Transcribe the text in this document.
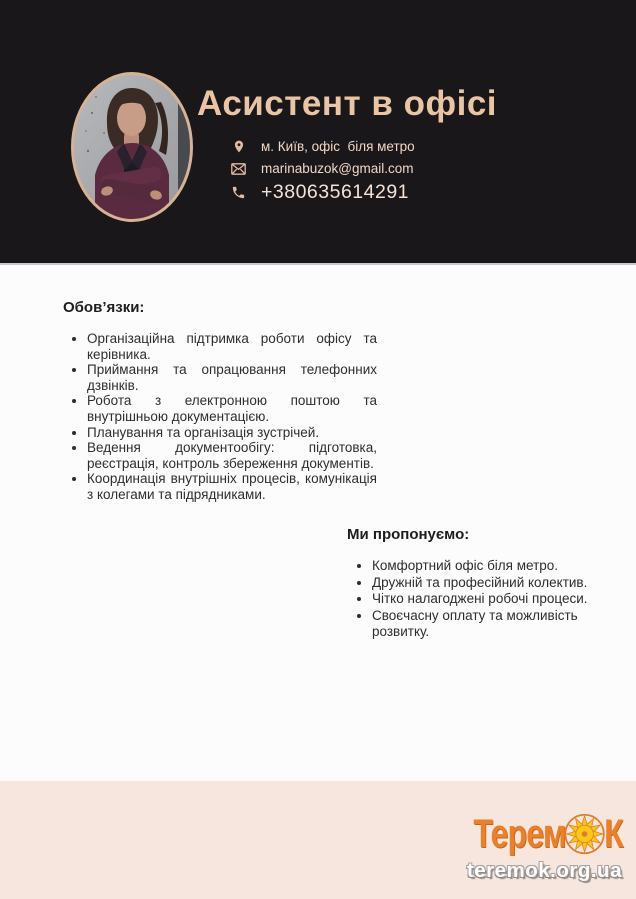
Асистент в офісі
м. Київ, офіс  біля метро
marinabuzok@gmail.com
+380635614291
Обов’язки:
• Організаційна підтримка роботи офісу та керівника.
• Приймання та опрацювання телефонних дзвінків.
• Робота з електронною поштою та внутрішньою документацією.
• Планування та організація зустрічей.
• Ведення документообігу: підготовка, реєстрація, контроль збереження документів.
• Координація внутрішніх процесів, комунікація з колегами та підрядниками.
Ми пропонуємо:
• Комфортний офіс біля метро.
• Дружній та професійний колектив.
• Чітко налагоджені робочі процеси.
• Своєчасну оплату та можливість розвитку.
Терем К
teremok.org.ua
